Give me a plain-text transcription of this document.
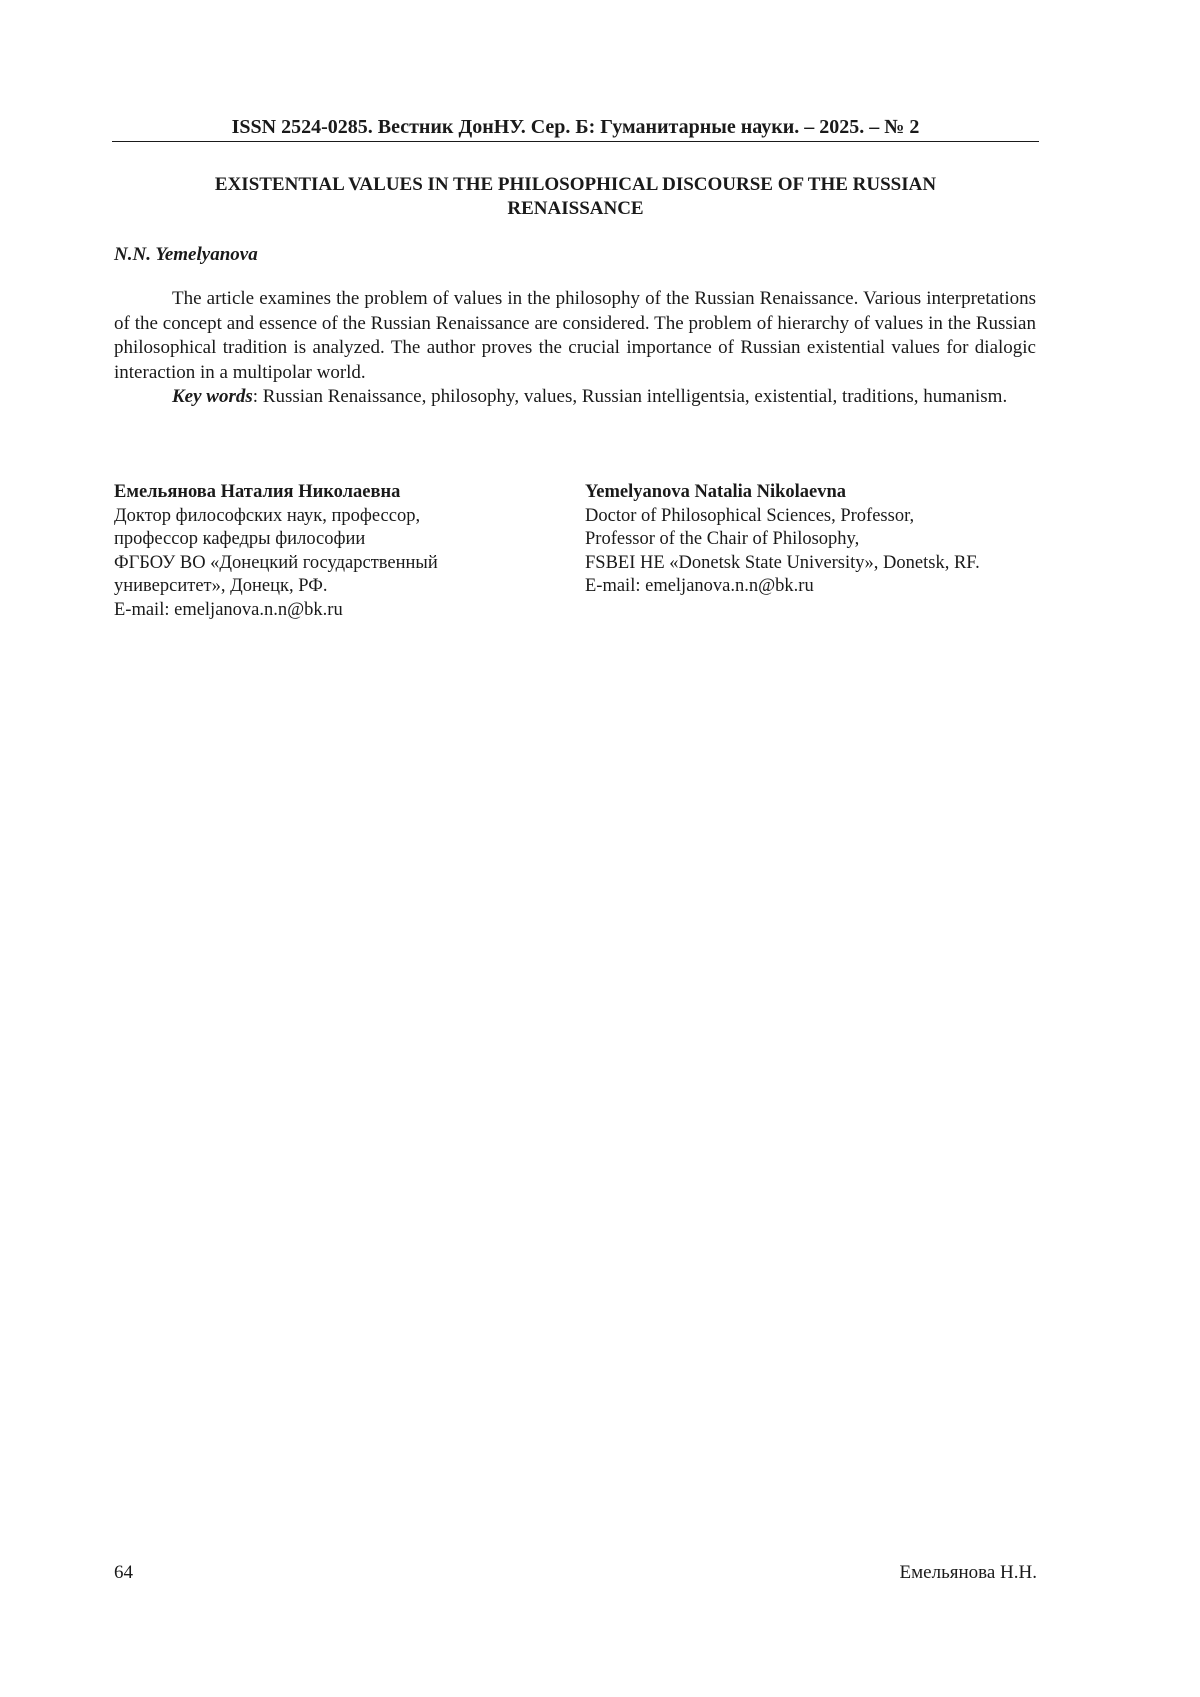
ISSN 2524-0285. Вестник ДонНУ. Сер. Б: Гуманитарные науки. – 2025. – № 2
EXISTENTIAL VALUES IN THE PHILOSOPHICAL DISCOURSE OF THE RUSSIAN
RENAISSANCE
N.N. Yemelyanova

The article examines the problem of values in the philosophy of the Russian Renaissance. Various interpretations of the concept and essence of the Russian Renaissance are considered. The problem of hierarchy of values in the Russian philosophical tradition is analyzed. The author proves the crucial importance of Russian existential values for dialogic interaction in a multipolar world.

Key words: Russian Renaissance, philosophy, values, Russian intelligentsia, existential, traditions, humanism.

Емельянова Наталия Николаевна
Доктор философских наук, профессор,
профессор кафедры философии
ФГБОУ ВО «Донецкий государственный
университет», Донецк, РФ.
E-mail: emeljanova.n.n@bk.ru
Yemelyanova Natalia Nikolaevna
Doctor of Philosophical Sciences, Professor,
Professor of the Chair of Philosophy,
FSBEI HE «Donetsk State University», Donetsk, RF.
E-mail: emeljanova.n.n@bk.ru
64	Емельянова Н.Н.
